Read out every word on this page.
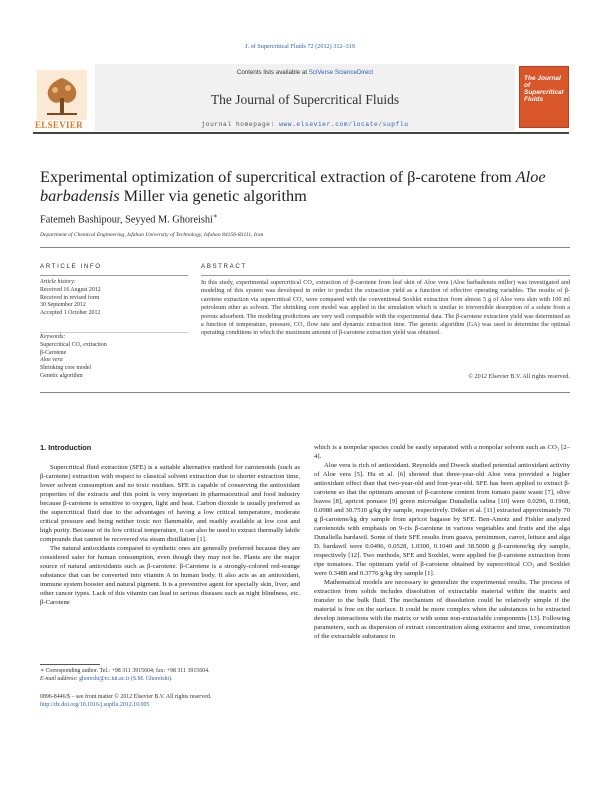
J. of Supercritical Fluids 72 (2012) 312–319
ELSEVIER
Contents lists available at SciVerse ScienceDirect
The Journal of Supercritical Fluids
journal homepage: www.elsevier.com/locate/supflu
The Journal of Supercritical Fluids
Experimental optimization of supercritical extraction of β-carotene from Aloe barbadensis Miller via genetic algorithm
Fatemeh Bashipour, Seyyed M. Ghoreishi∗
Department of Chemical Engineering, Isfahan University of Technology, Isfahan 84156-83111, Iran
ARTICLE INFO	ABSTRACT
Article history:
Received 16 August 2012
Received in revised form
30 September 2012
Accepted 1 October 2012
Keywords:
Supercritical CO₂ extraction
β-Carotene
Aloe vera
Shrinking core model
Genetic algorithm
In this study, experimental supercritical CO₂ extraction of β-carotene from leaf skin of Aloe vera (Aloe barbadensis miller) was investigated and modeling of this system was developed in order to predict the extraction yield as a function of effective operating variables. The results of β-carotene extraction via supercritical CO₂ were compared with the conventional Soxhlet extraction from almost 5 g of Aloe vera skin with 100 ml petroleum ether as solvent. The shrinking core model was applied in the simulation which is similar to irreversible desorption of a solute from a porous adsorbent. The modeling predictions are very well compatible with the experimental data. The β-carotene extraction yield was determined as a function of temperature, pressure, CO₂ flow rate and dynamic extraction time. The genetic algorithm (GA) was used to determine the optimal operating conditions in which the maximum amount of β-carotene extraction yield was obtained.
© 2012 Elsevier B.V. All rights reserved.
1. Introduction

Supercritical fluid extraction (SFE) is a suitable alternative method for carotenoids (such as β-carotene) extraction with respect to classical solvent extraction due to shorter extraction time, lower solvent consumption and no toxic residues. SFE is capable of conserving the antioxidant properties of the extracts and this point is very important in pharmaceutical and food industry because β-carotene is sensitive to oxygen, light and heat. Carbon dioxide is usually preferred as the supercritical fluid due to the advantages of having a low critical temperature, moderate critical pressure and being neither toxic nor flammable, and readily available at low cost and high purity. Because of its low critical temperature, it can also be used to extract thermally labile compounds that cannot be recovered via steam distillation [1].

The natural antioxidants compared to synthetic ones are generally preferred because they are considered safer for human consumption, even though they may not be. Plants are the major source of natural antioxidants such as β-carotene. β-Carotene is a strongly-colored red-orange substance that can be converted into vitamin A in human body. It also acts as an antioxidant, immune system booster and natural pigment. It is a preventive agent for specially skin, liver, and other cancer types. Lack of this vitamin can lead to serious diseases such as night blindness, etc. β-Carotene

which is a nonpolar species could be easily separated with a nonpolar solvent such as CO₂ [2–4].

Aloe vera is rich of antioxidant. Reynolds and Dweck studied potential antioxidant activity of Aloe vera [5]. Hu et al. [6] showed that three-year-old Aloe vera provided a higher antioxidant effect than that two-year-old and four-year-old. SFE has been applied to extract β-carotene so that the optimum amount of β-carotene content from tomato paste waste [7], olive leaves [8], apricot pomace [9] green microalgae Dunaliella salina [10] were 0.0296, 0.1968, 0.0980 and 30.7510 g/kg dry sample, respectively. Döker et al. [11] extracted approximately 70 g β-carotene/kg dry sample from apricot bagasse by SFE. Ben-Amotz and Fishler analyzed carotenoids with emphasis on 9-cis β-carotene in various vegetables and fruits and the alga Dunaliella bardawil. Some of their SFE results from guava, persimmon, carrot, lettuce and alga D. bardawil were 0.0496, 0.0528, 1.0300, 0.1040 and 38.5000 g β-carotene/kg dry sample, respectively [12]. Two methods, SFE and Soxhlet, were applied for β-carotene extraction from ripe tomatoes. The optimum yield of β-carotene obtained by supercritical CO₂ and Soxhlet were 0.3488 and 0.3776 g/kg dry sample [1].

Mathematical models are necessary to generalize the experimental results. The process of extraction from solids includes dissolution of extractable material within the matrix and transfer to the bulk fluid. The mechanism of dissolution could be relatively simple if the material is free on the surface. It could be more complex when the substances to be extracted develop interactions with the matrix or with some non-extractable components [13]. Following parameters, such as dispersion of extract concentration along extractor and time, concentration of the extractable substance in

∗ Corresponding author. Tel.: +98 311 3915604; fax: +98 311 3915604.
E-mail address: ghoreshi@cc.iut.ac.ir (S.M. Ghoreishi).
0896-8446/$ – see front matter © 2012 Elsevier B.V. All rights reserved.
http://dx.doi.org/10.1016/j.supflu.2012.10.005
